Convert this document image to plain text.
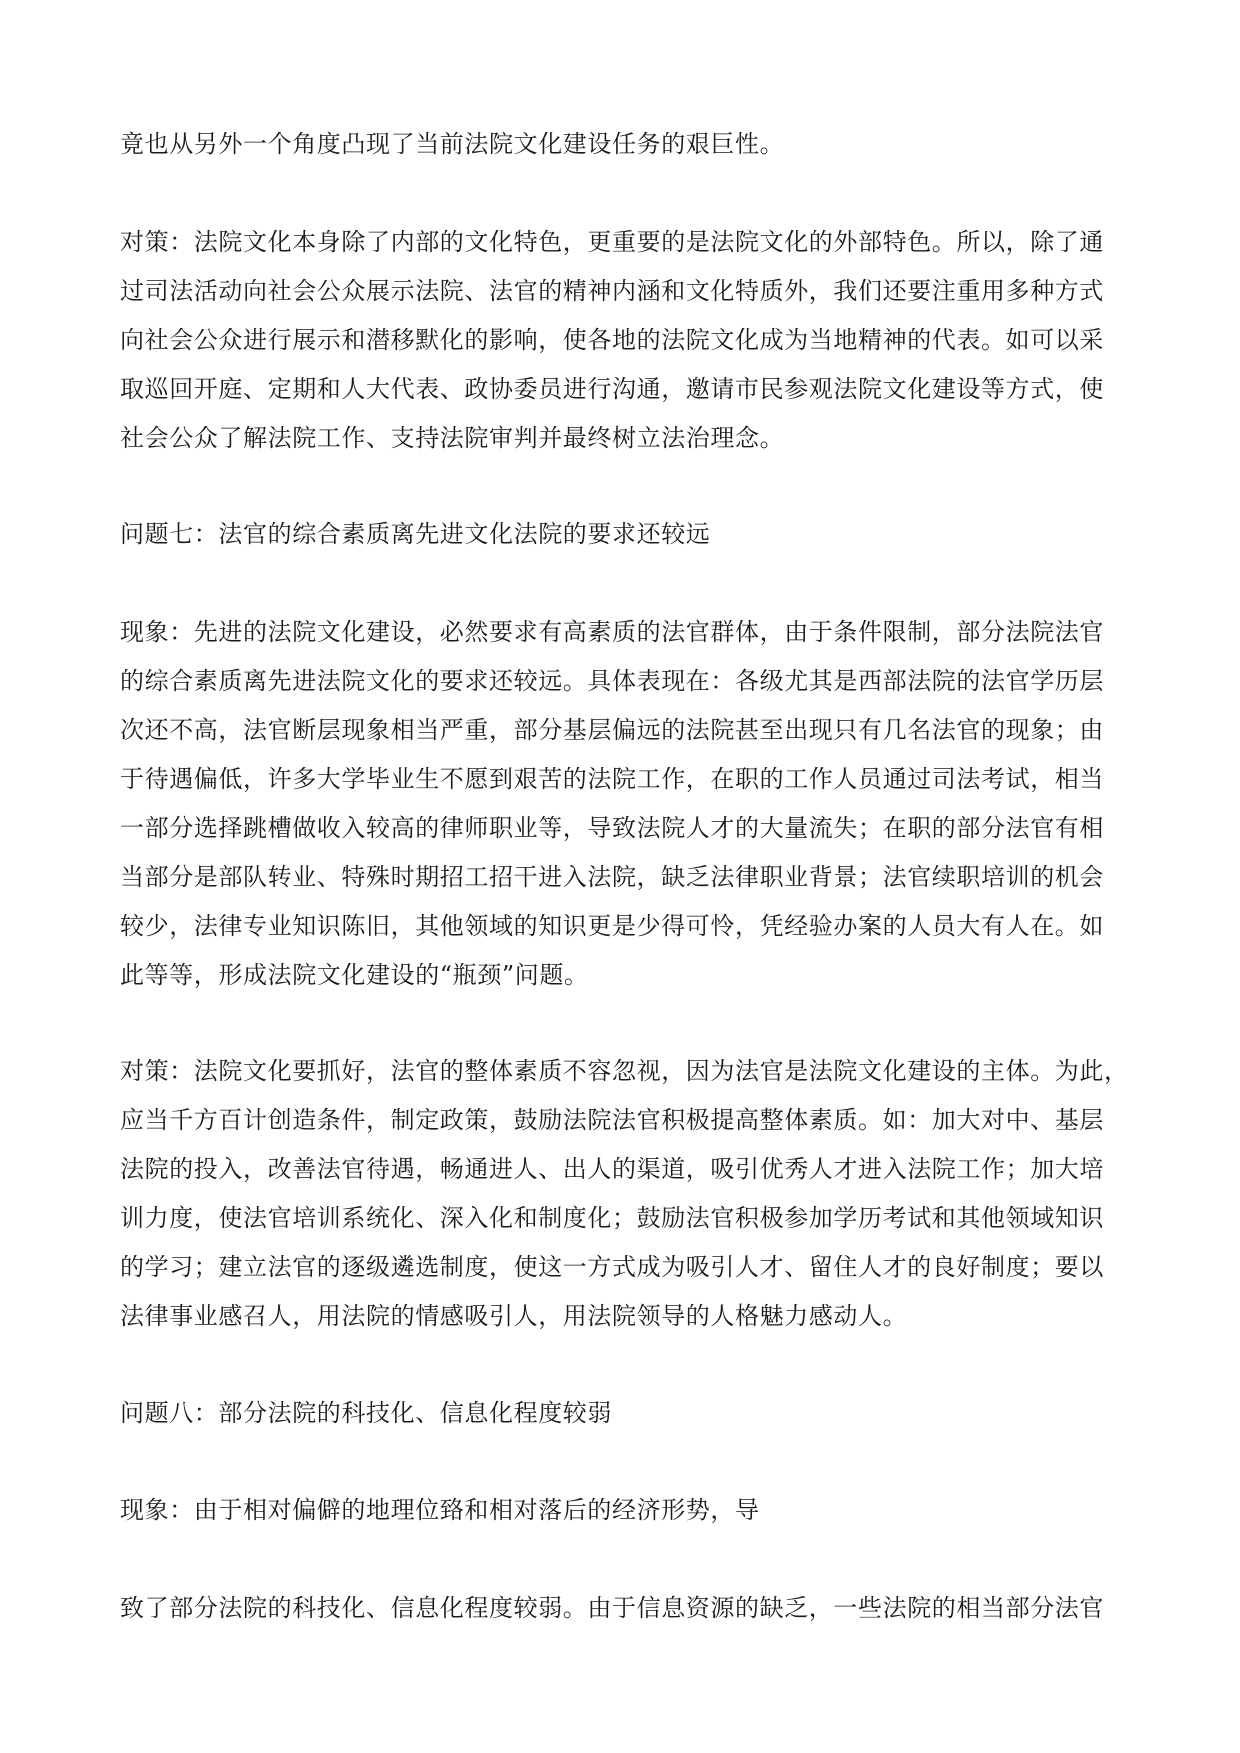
竟也从另外一个角度凸现了当前法院文化建设任务的艰巨性。

对策：法院文化本身除了内部的文化特色，更重要的是法院文化的外部特色。所以，除了通
过司法活动向社会公众展示法院、法官的精神内涵和文化特质外，我们还要注重用多种方式
向社会公众进行展示和潜移默化的影响，使各地的法院文化成为当地精神的代表。如可以采
取巡回开庭、定期和人大代表、政协委员进行沟通，邀请市民参观法院文化建设等方式，使
社会公众了解法院工作、支持法院审判并最终树立法治理念。

问题七：法官的综合素质离先进文化法院的要求还较远

现象：先进的法院文化建设，必然要求有高素质的法官群体，由于条件限制，部分法院法官
的综合素质离先进法院文化的要求还较远。具体表现在：各级尤其是西部法院的法官学历层
次还不高，法官断层现象相当严重，部分基层偏远的法院甚至出现只有几名法官的现象；由
于待遇偏低，许多大学毕业生不愿到艰苦的法院工作，在职的工作人员通过司法考试，相当
一部分选择跳槽做收入较高的律师职业等，导致法院人才的大量流失；在职的部分法官有相
当部分是部队转业、特殊时期招工招干进入法院，缺乏法律职业背景；法官续职培训的机会
较少，法律专业知识陈旧，其他领域的知识更是少得可怜，凭经验办案的人员大有人在。如
此等等，形成法院文化建设的“瓶颈”问题。

对策：法院文化要抓好，法官的整体素质不容忽视，因为法官是法院文化建设的主体。为此，
应当千方百计创造条件，制定政策，鼓励法院法官积极提高整体素质。如：加大对中、基层
法院的投入，改善法官待遇，畅通进人、出人的渠道，吸引优秀人才进入法院工作；加大培
训力度，使法官培训系统化、深入化和制度化；鼓励法官积极参加学历考试和其他领域知识
的学习；建立法官的逐级遴选制度，使这一方式成为吸引人才、留住人才的良好制度；要以
法律事业感召人，用法院的情感吸引人，用法院领导的人格魅力感动人。

问题八：部分法院的科技化、信息化程度较弱

现象：由于相对偏僻的地理位臵和相对落后的经济形势，导

致了部分法院的科技化、信息化程度较弱。由于信息资源的缺乏，一些法院的相当部分法官
